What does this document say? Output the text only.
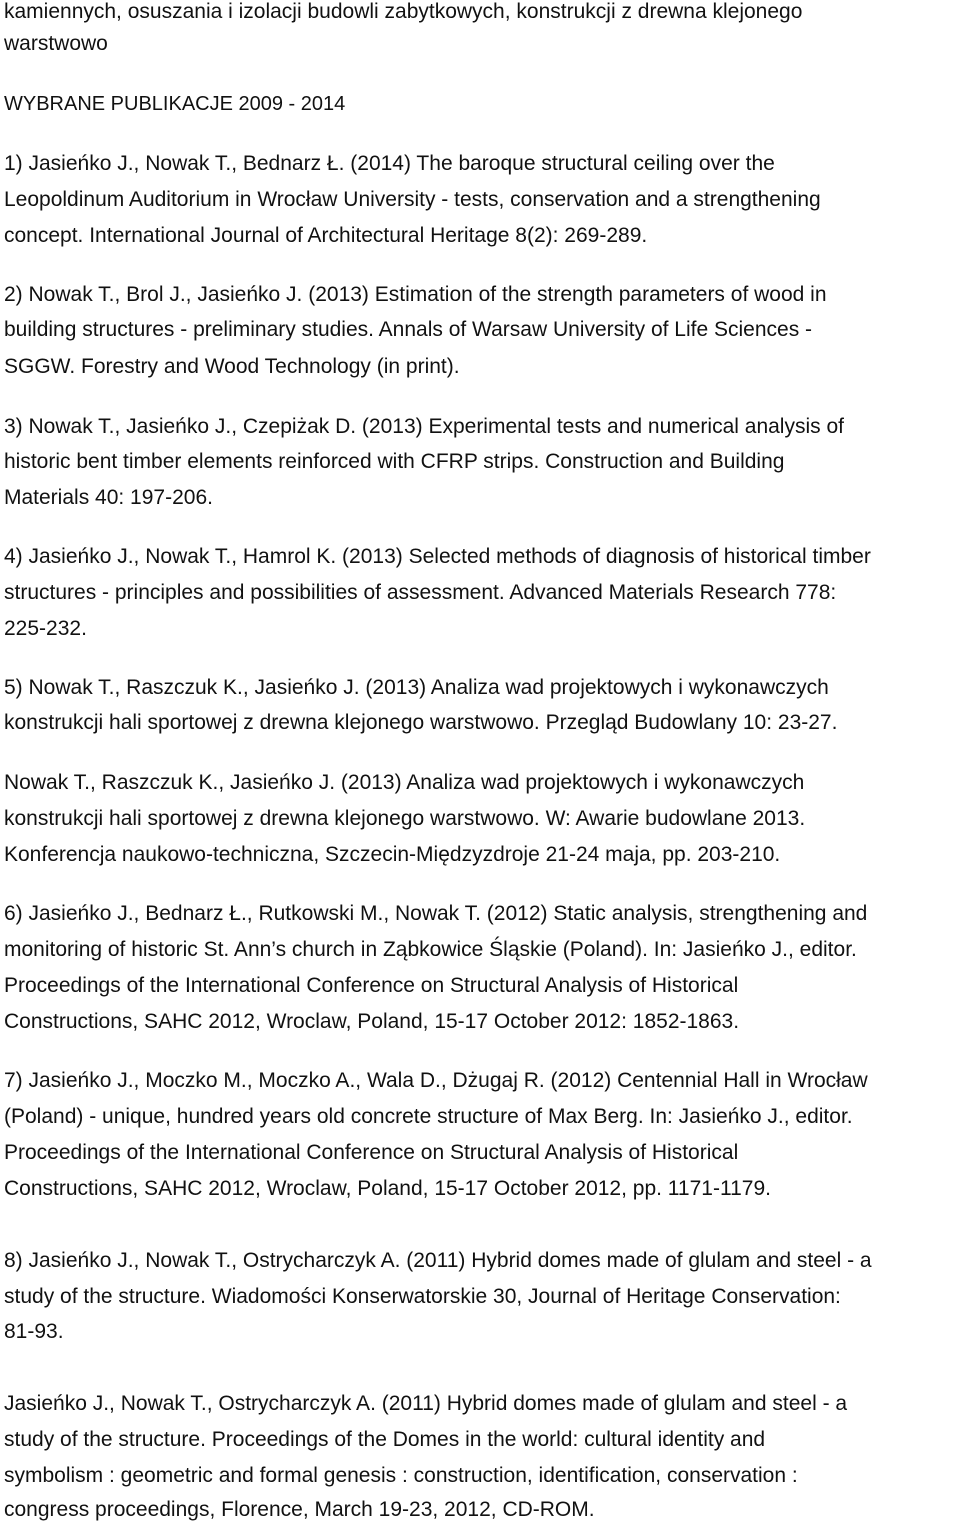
kamiennych, osuszania i izolacji budowli zabytkowych, konstrukcji z drewna klejonego
warstwowo
WYBRANE PUBLIKACJE 2009 - 2014
1) Jasieńko J., Nowak T., Bednarz Ł. (2014) The baroque structural ceiling over the
Leopoldinum Auditorium in Wrocław University - tests, conservation and a strengthening
concept. International Journal of Architectural Heritage 8(2): 269-289.
2) Nowak T., Brol J., Jasieńko J. (2013) Estimation of the strength parameters of wood in
building structures - preliminary studies. Annals of Warsaw University of Life Sciences -
SGGW. Forestry and Wood Technology (in print).
3) Nowak T., Jasieńko J., Czepiżak D. (2013) Experimental tests and numerical analysis of
historic bent timber elements reinforced with CFRP strips. Construction and Building
Materials 40: 197-206.
4) Jasieńko J., Nowak T., Hamrol K. (2013) Selected methods of diagnosis of historical timber
structures - principles and possibilities of assessment. Advanced Materials Research 778:
225-232.
5) Nowak T., Raszczuk K., Jasieńko J. (2013) Analiza wad projektowych i wykonawczych
konstrukcji hali sportowej z drewna klejonego warstwowo. Przegląd Budowlany 10: 23-27.
Nowak T., Raszczuk K., Jasieńko J. (2013) Analiza wad projektowych i wykonawczych
konstrukcji hali sportowej z drewna klejonego warstwowo. W: Awarie budowlane 2013.
Konferencja naukowo-techniczna, Szczecin-Międzyzdroje 21-24 maja, pp. 203-210.
6) Jasieńko J., Bednarz Ł., Rutkowski M., Nowak T. (2012) Static analysis, strengthening and
monitoring of historic St. Ann’s church in Ząbkowice Śląskie (Poland). In: Jasieńko J., editor.
Proceedings of the International Conference on Structural Analysis of Historical
Constructions, SAHC 2012, Wroclaw, Poland, 15-17 October 2012: 1852-1863.
7) Jasieńko J., Moczko M., Moczko A., Wala D., Dżugaj R. (2012) Centennial Hall in Wrocław
(Poland) - unique, hundred years old concrete structure of Max Berg. In: Jasieńko J., editor.
Proceedings of the International Conference on Structural Analysis of Historical
Constructions, SAHC 2012, Wroclaw, Poland, 15-17 October 2012, pp. 1171-1179.
8) Jasieńko J., Nowak T., Ostrycharczyk A. (2011) Hybrid domes made of glulam and steel - a
study of the structure. Wiadomości Konserwatorskie 30, Journal of Heritage Conservation:
81-93.
Jasieńko J., Nowak T., Ostrycharczyk A. (2011) Hybrid domes made of glulam and steel - a
study of the structure. Proceedings of the Domes in the world: cultural identity and
symbolism : geometric and formal genesis : construction, identification, conservation :
congress proceedings, Florence, March 19-23, 2012, CD-ROM.
